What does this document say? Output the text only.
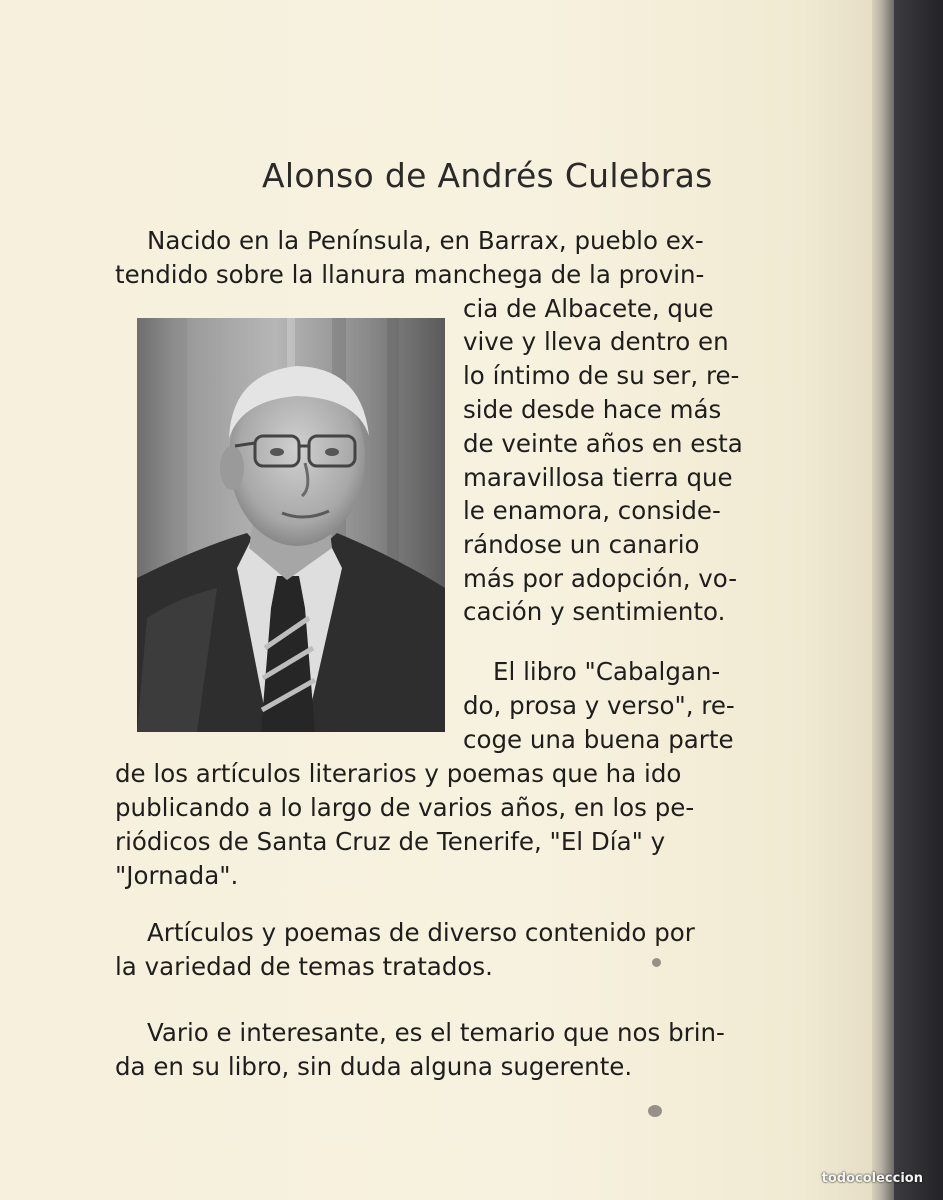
Alonso de Andrés Culebras

Nacido en la Península, en Barrax, pueblo ex-

tendido sobre la llanura manchega de la provin-

cia de Albacete, que

vive y lleva dentro en

lo íntimo de su ser, re-

side desde hace más

de veinte años en esta

maravillosa tierra que

le enamora, conside-

rándose un canario

más por adopción, vo-

cación y sentimiento.

El libro "Cabalgan-

do, prosa y verso", re-

coge una buena parte

de los artículos literarios y poemas que ha ido

publicando a lo largo de varios años, en los pe-

riódicos de Santa Cruz de Tenerife, "El Día" y

"Jornada".

Artículos y poemas de diverso contenido por

la variedad de temas tratados.

Vario e interesante, es el temario que nos brin-

da en su libro, sin duda alguna sugerente.

todocoleccion
